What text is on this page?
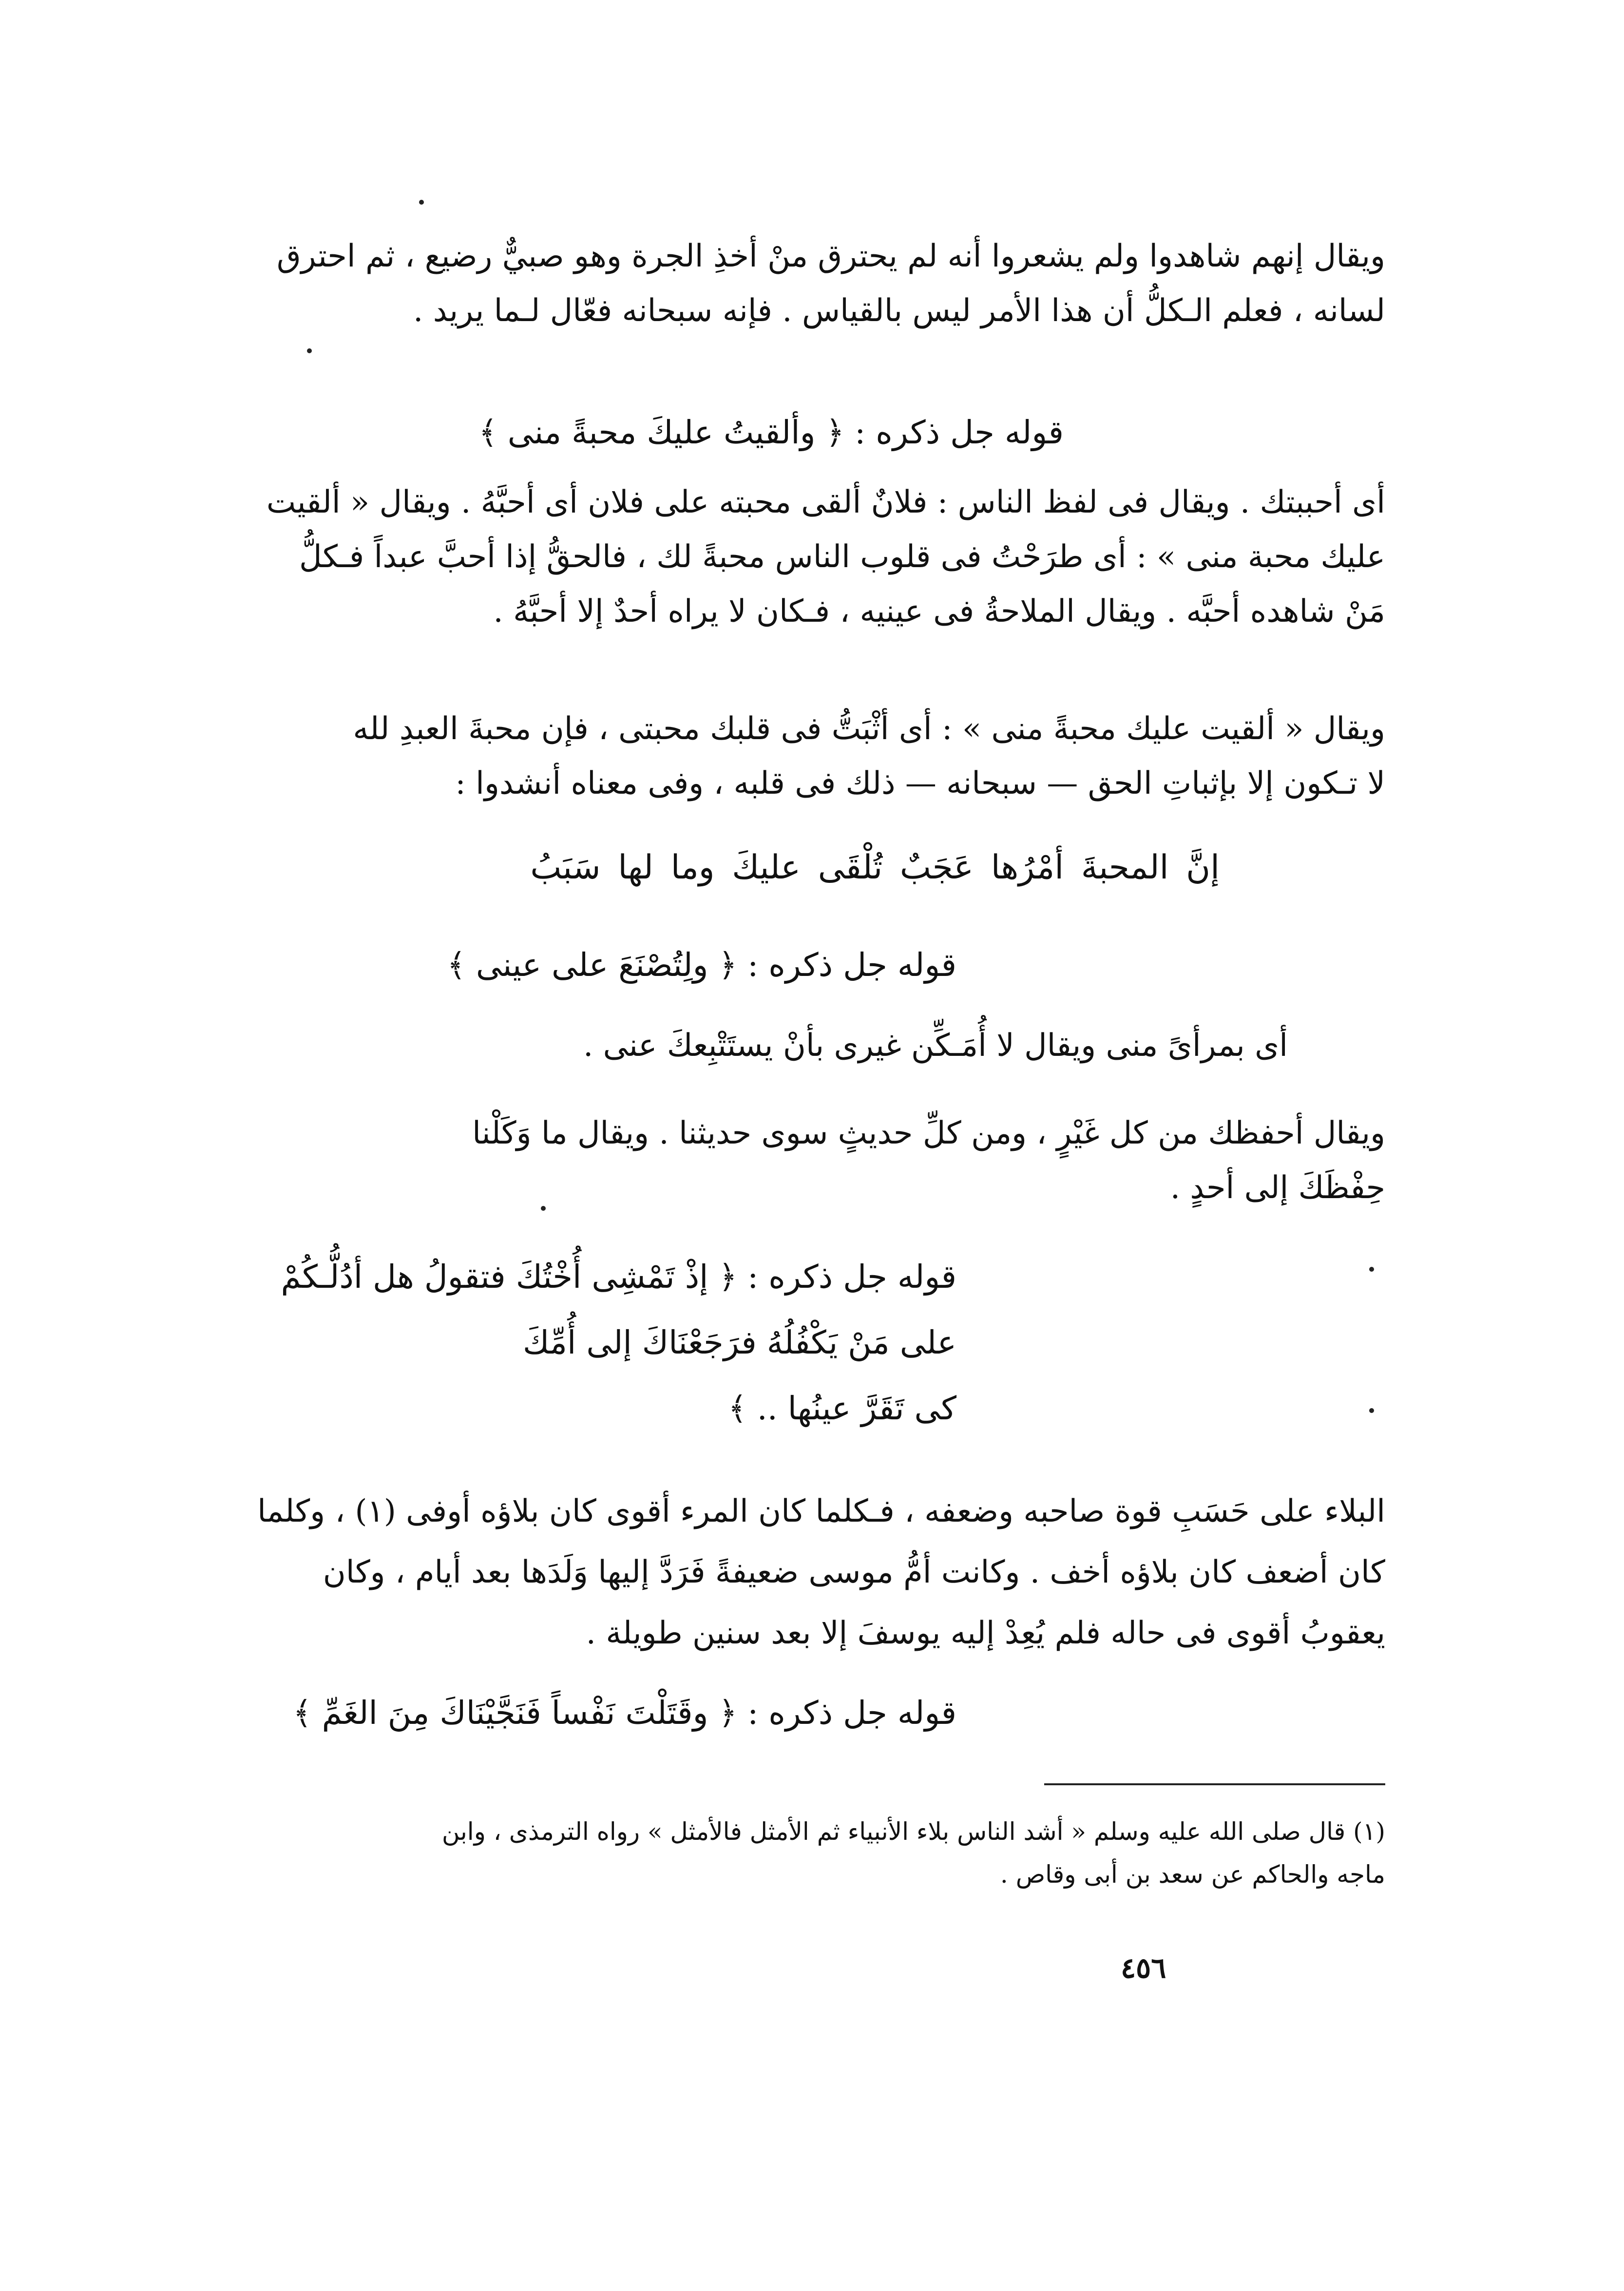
ويقال إنهم شاهدوا ولم يشعروا أنه لم يحترق منْ أخذِ الجرة وهو صبيٌّ رضيع ، ثم احترق
لسانه ، فعلم الـكلُّ أن هذا الأمر ليس بالقياس . فإنه سبحانه فعّال لـما يريد .
قوله جل ذكره : ﴿ وألقيتُ عليكَ محبةً منى ﴾
أى أحببتك . ويقال فى لفظ الناس : فلانٌ ألقى محبته على فلان أى أحبَّهُ . ويقال « ألقيت
عليك محبة منى » : أى طرَحْتُ فى قلوب الناس محبةً لك ، فالحقُّ إذا أحبَّ عبداً فـكلُّ
مَنْ شاهده أحبَّه . ويقال الملاحةُ فى عينيه ، فـكان لا يراه أحدٌ إلا أحبَّهُ .
ويقال « ألقيت عليك محبةً منى » : أى أثْبَتُّ فى قلبك محبتى ، فإن محبةَ العبدِ لله
لا تـكون إلا بإثباتِ الحق — سبحانه — ذلك فى قلبه ، وفى معناه أنشدوا :
إنَّ المحبةَ أمْرُها عَجَبٌ تُلْقَى عليكَ وما لها سَبَبُ
قوله جل ذكره : ﴿ ولِتُصْنَعَ على عينى ﴾
أى بمرأىً منى ويقال لا أُمَـكِّن غيرى بأنْ يستَتْبِعكَ عنى .
ويقال أحفظك من كل غَيْرٍ ، ومن كلِّ حديثٍ سوى حديثنا . ويقال ما وَكَلْنا
حِفْظَكَ إلى أحدٍ .
قوله جل ذكره : ﴿ إذْ تَمْشِى أُخْتُكَ فتقولُ هل أدُلُّـكُمْ
على مَنْ يَكْفُلُهُ فرَجَعْنَاكَ إلى أُمِّكَ
كى تَقَرَّ عينُها .. ﴾
البلاء على حَسَبِ قوة صاحبه وضعفه ، فـكلما كان المرء أقوى كان بلاؤه أوفى (١) ، وكلما
كان أضعف كان بلاؤه أخف . وكانت أمُّ موسى ضعيفةً فَرَدَّ إليها وَلَدَها بعد أيام ، وكان
يعقوبُ أقوى فى حاله فلم يُعِدْ إليه يوسفَ إلا بعد سنين طويلة .
قوله جل ذكره : ﴿ وقَتَلْتَ نَفْساً فَنَجَّيْنَاكَ مِنَ الغَمِّ ﴾
(١) قال صلى الله عليه وسلم « أشد الناس بلاء الأنبياء ثم الأمثل فالأمثل » رواه الترمذى ، وابن
ماجه والحاكم عن سعد بن أبى وقاص .
٤٥٦
